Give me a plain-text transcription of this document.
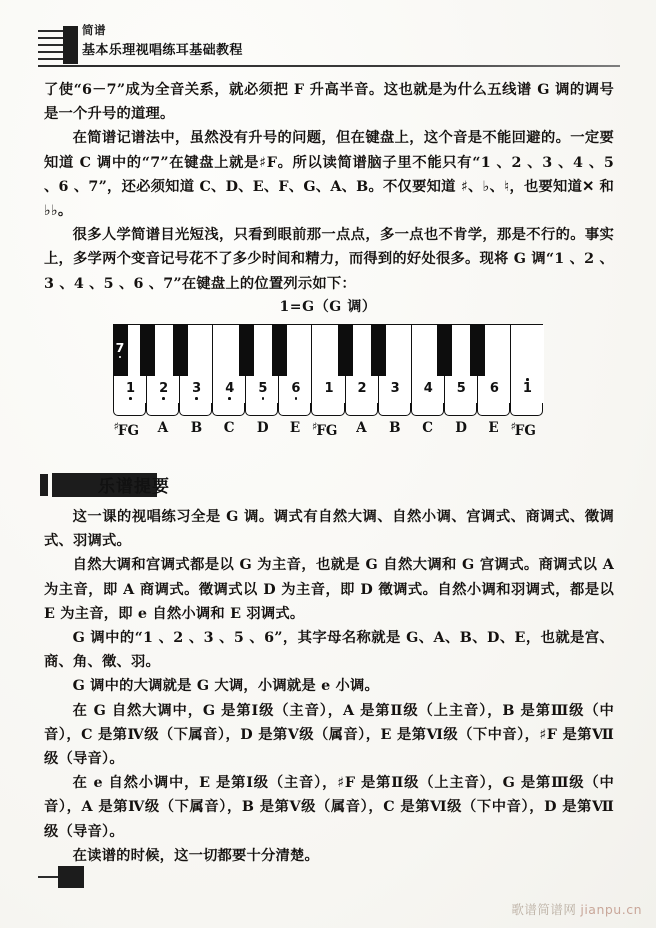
简谱
基本乐理视唱练耳基础教程

了使“6－7”成为全音关系，就必须把 F 升高半音。这也就是为什么五线谱 G 调的调号是一个升号的道理。

在简谱记谱法中，虽然没有升号的问题，但在键盘上，这个音是不能回避的。一定要知道 C 调中的“7”在键盘上就是♯F。所以读简谱脑子里不能只有“1 、2 、3 、4 、5 、6 、7”，还必须知道 C、D、E、F、G、A、B。不仅要知道 ♯、♭、♮，也要知道✕ 和 ♭♭。

很多人学简谱目光短浅，只看到眼前那一点点，多一点也不肯学，那是不行的。事实上，多学两个变音记号花不了多少时间和精力，而得到的好处很多。现将 G 调“1 、2 、3 、4 、5 、6 、7”在键盘上的位置列示如下：

1=G（G 调）
1 2 3 4 5 6 1 2 3 4 5 6 1
7
♯FG A B C D E ♯FG A B C D E ♯FG
乐谱提要

这一课的视唱练习全是 G 调。调式有自然大调、自然小调、宫调式、商调式、徵调式、羽调式。

自然大调和宫调式都是以 G 为主音，也就是 G 自然大调和 G 宫调式。商调式以 A 为主音，即 A 商调式。徵调式以 D 为主音，即 D 徵调式。自然小调和羽调式，都是以 E 为主音，即 e 自然小调和 E 羽调式。

G 调中的“1 、2 、3 、5 、6”，其字母名称就是 G、A、B、D、E，也就是宫、商、角、徵、羽。

G 调中的大调就是 G 大调，小调就是 e 小调。

在 G 自然大调中，G 是第Ⅰ级（主音），A 是第Ⅱ级（上主音），B 是第Ⅲ级（中音），C 是第Ⅳ级（下属音），D 是第Ⅴ级（属音），E 是第Ⅵ级（下中音），♯F 是第Ⅶ级（导音）。

在 e 自然小调中，E 是第Ⅰ级（主音），♯F 是第Ⅱ级（上主音），G 是第Ⅲ级（中音），A 是第Ⅳ级（下属音），B 是第Ⅴ级（属音），C 是第Ⅵ级（下中音），D 是第Ⅶ级（导音）。

在读谱的时候，这一切都要十分清楚。

歌谱简谱网 jianpu.cn
